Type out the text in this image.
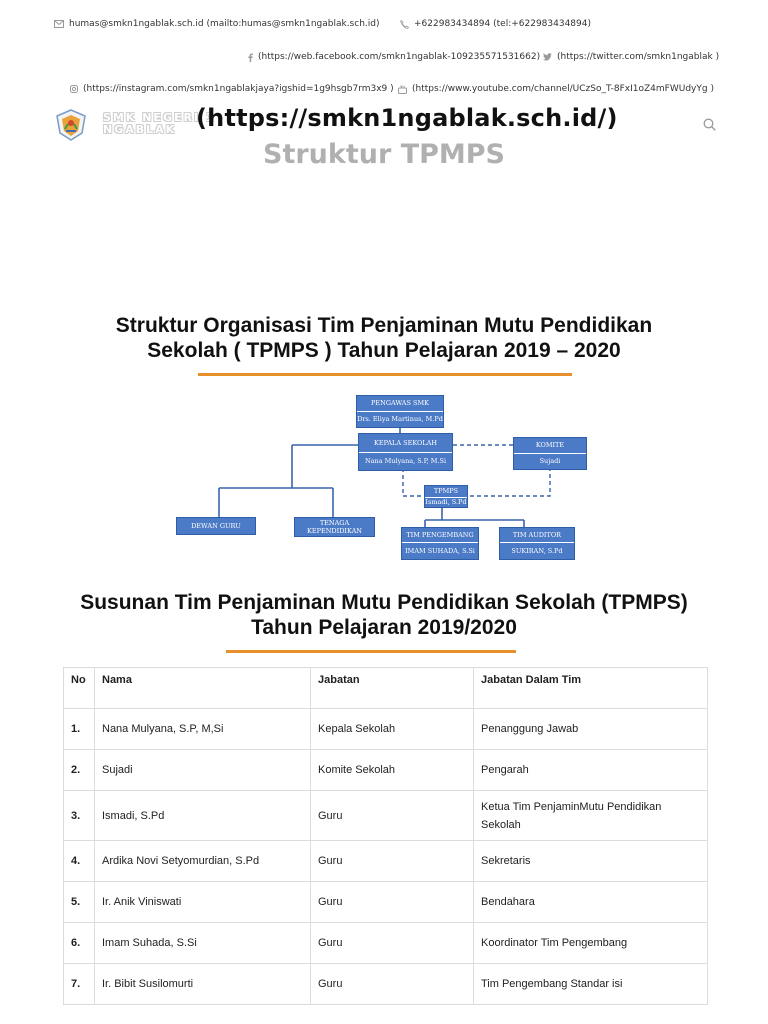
humas@smkn1ngablak.sch.id (mailto:humas@smkn1ngablak.sch.id)	+622983434894 (tel:+622983434894)
(https://web.facebook.com/smkn1ngablak-109235571531662) (https://twitter.com/smkn1ngablak )
(https://instagram.com/smkn1ngablakjaya?igshid=1g9hsgb7rm3x9 ) (https://www.youtube.com/channel/UCzSo_T-8FxI1oZ4mFWUdyYg )
SMK NEGERI 1
NGABLAK (https://smkn1ngablak.sch.id/)
Struktur TPMPS
Struktur Organisasi Tim Penjaminan Mutu Pendidikan
Sekolah ( TPMPS ) Tahun Pelajaran 2019 – 2020
PENGAWAS SMK
Drs. Eliya Martinus, M.Pd
KEPALA SEKOLAH
Nana Mulyana, S.P, M.Si
KOMITE
Sujadi
TPMPS
Ismadi, S.Pd
DEWAN GURU	TENAGA
KEPENDIDIKAN	TIM PENGEMBANG
IMAM SUHADA, S.Si
TIM AUDITOR
SUKIRAN, S.Pd
Susunan Tim Penjaminan Mutu Pendidikan Sekolah (TPMPS)
Tahun Pelajaran 2019/2020
No	Nama	Jabatan	Jabatan Dalam Tim
1.	Nana Mulyana, S.P, M,Si	Kepala Sekolah	Penanggung Jawab
2.	Sujadi	Komite Sekolah	Pengarah
3.	Ismadi, S.Pd	Guru	Ketua Tim PenjaminMutu Pendidikan Sekolah
4.	Ardika Novi Setyomurdian, S.Pd	Guru	Sekretaris
5.	Ir. Anik Viniswati	Guru	Bendahara
6.	Imam Suhada, S.Si	Guru	Koordinator Tim Pengembang
7.	Ir. Bibit Susilomurti	Guru	Tim Pengembang Standar isi
